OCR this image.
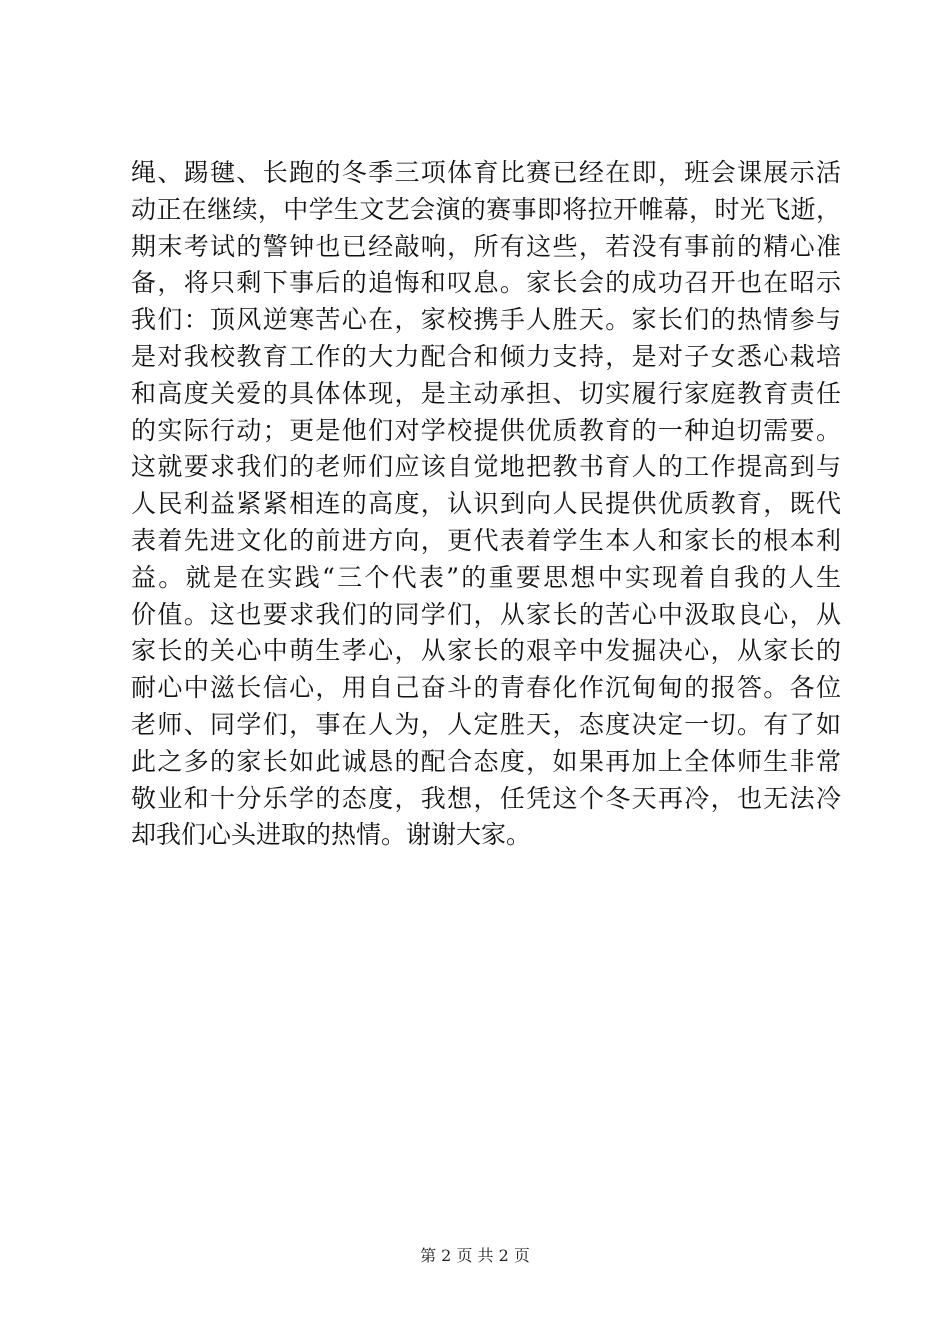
绳、踢毽、长跑的冬季三项体育比赛已经在即，班会课展示活
动正在继续，中学生文艺会演的赛事即将拉开帷幕，时光飞逝，
期末考试的警钟也已经敲响，所有这些，若没有事前的精心准
备，将只剩下事后的追悔和叹息。家长会的成功召开也在昭示
我们：顶风逆寒苦心在，家校携手人胜天。家长们的热情参与
是对我校教育工作的大力配合和倾力支持，是对子女悉心栽培
和高度关爱的具体体现，是主动承担、切实履行家庭教育责任
的实际行动；更是他们对学校提供优质教育的一种迫切需要。
这就要求我们的老师们应该自觉地把教书育人的工作提高到与
人民利益紧紧相连的高度，认识到向人民提供优质教育，既代
表着先进文化的前进方向，更代表着学生本人和家长的根本利
益。就是在实践“三个代表”的重要思想中实现着自我的人生
价值。这也要求我们的同学们，从家长的苦心中汲取良心，从
家长的关心中萌生孝心，从家长的艰辛中发掘决心，从家长的
耐心中滋长信心，用自己奋斗的青春化作沉甸甸的报答。各位
老师、同学们，事在人为，人定胜天，态度决定一切。有了如
此之多的家长如此诚恳的配合态度，如果再加上全体师生非常
敬业和十分乐学的态度，我想，任凭这个冬天再冷，也无法冷
却我们心头进取的热情。谢谢大家。
第 2 页 共 2 页
